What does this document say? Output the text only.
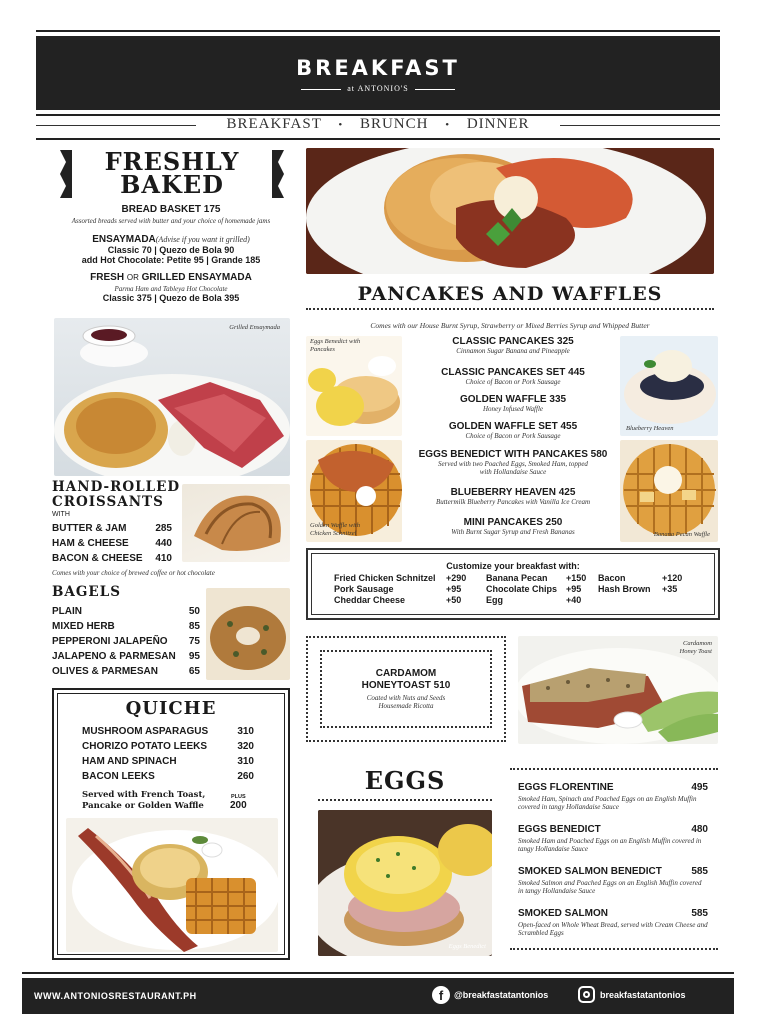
BREAKFAST
at ANTONIO'S
BREAKFAST • BRUNCH • DINNER
FRESHLY
BAKED
BREAD BASKET 175
Assorted breads served with butter and your choice of homemade jams
ENSAYMADA(Advise if you want it grilled)
Classic 70 | Quezo de Bola 90
add Hot Chocolate: Petite 95 | Grande 185
FRESH OR GRILLED ENSAYMADA
Parma Ham and Tableya Hot Chocolate
Classic 375 | Quezo de Bola 395
Grilled Ensaymada
HAND-ROLLED
CROISSANTS
WITH
BUTTER & JAM	285
HAM & CHEESE	440
BACON & CHEESE 410
Comes with your choice of brewed coffee or hot chocolate
BAGELS
PLAIN	50
MIXED HERB	85
PEPPERONI JALAPEÑO 75
JALAPENO & PARMESAN 95
OLIVES & PARMESAN	65
QUICHE
MUSHROOM ASPARAGUS	310
CHORIZO POTATO LEEKS	320
HAM AND SPINACH	310
BACON LEEKS	260
Served with French Toast,
Pancake or Golden Waffle
PLUS
200
PANCAKES AND WAFFLES
Comes with our House Burnt Syrup, Strawberry or Mixed Berries Syrup and Whipped Butter
Eggs Benedict with Pancakes
Golden Waffle with Chicken Schnitzel
CLASSIC PANCAKES 325
Cinnamon Sugar Banana and Pineapple
CLASSIC PANCAKES SET 445
Choice of Bacon or Pork Sausage
GOLDEN WAFFLE 335
Honey Infused Waffle
GOLDEN WAFFLE SET 455
Choice of Bacon or Pork Sausage
EGGS BENEDICT WITH PANCAKES 580
Served with two Poached Eggs, Smoked Ham, topped with Hollandaise Sauce
BLUEBERRY HEAVEN 425
Buttermilk Blueberry Pancakes with Vanilla Ice Cream
MINI PANCAKES 250
With Burnt Sugar Syrup and Fresh Bananas
Blueberry Heaven
Banana Pecan Waffle
Customize your breakfast with:
Fried Chicken Schnitzel	+290	Banana Pecan	+150	Bacon	+120
Pork Sausage	+95	Chocolate Chips +95	Hash Brown	+35
Cheddar Cheese	+50	Egg	+40
CARDAMOM
HONEYTOAST 510
Coated with Nuts and Seeds
Housemade Ricotta
Cardamom Honey Toast
EGGS
Eggs Benedict
EGGS FLORENTINE	495
Smoked Ham, Spinach and Poached Eggs on an English Muffin covered in tangy Hollandaise Sauce
EGGS BENEDICT	480
Smoked Ham and Poached Eggs on an English Muffin covered in tangy Hollandaise Sauce
SMOKED SALMON BENEDICT	585
Smoked Salmon and Poached Eggs on an English Muffin covered in tangy Hollandaise Sauce
SMOKED SALMON	585
Open-faced on Whole Wheat Bread, served with Cream Cheese and Scrambled Eggs
WWW.ANTONIOSRESTAURANT.PH	f	@breakfastatantonios	breakfastatantonios
